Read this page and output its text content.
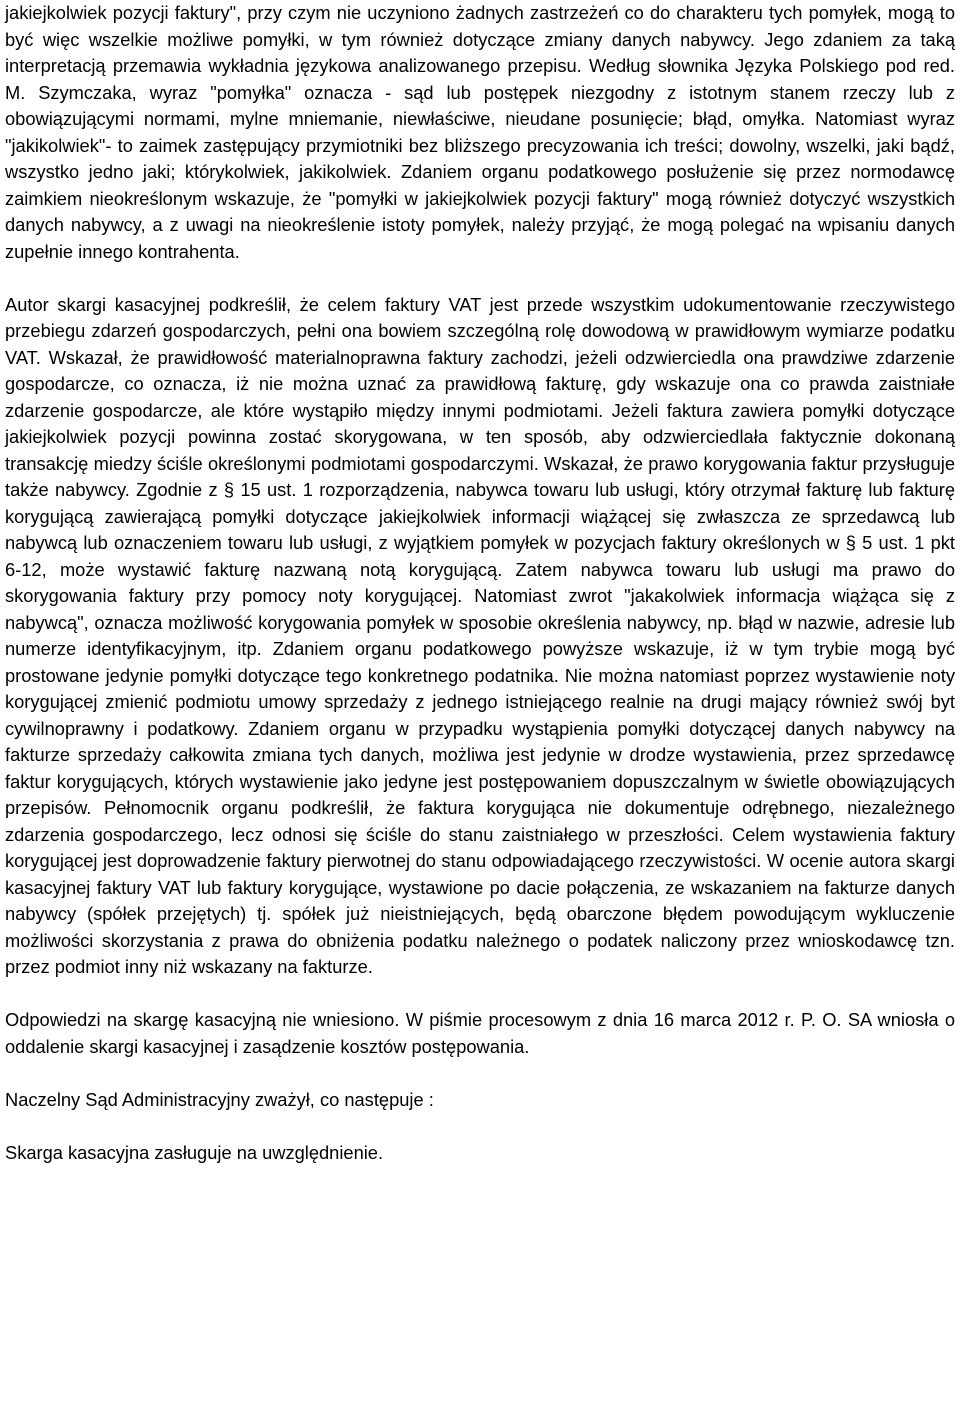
jakiejkolwiek pozycji faktury", przy czym nie uczyniono żadnych zastrzeżeń co do charakteru tych pomyłek, mogą to być więc wszelkie możliwe pomyłki, w tym również dotyczące zmiany danych nabywcy. Jego zdaniem za taką interpretacją przemawia wykładnia językowa analizowanego przepisu. Według słownika Języka Polskiego pod red. M. Szymczaka, wyraz "pomyłka" oznacza - sąd lub postępek niezgodny z istotnym stanem rzeczy lub z obowiązującymi normami, mylne mniemanie, niewłaściwe, nieudane posunięcie; błąd, omyłka. Natomiast wyraz "jakikolwiek"- to zaimek zastępujący przymiotniki bez bliższego precyzowania ich treści; dowolny, wszelki, jaki bądź, wszystko jedno jaki; którykolwiek, jakikolwiek. Zdaniem organu podatkowego posłużenie się przez normodawcę zaimkiem nieokreślonym wskazuje, że "pomyłki w jakiejkolwiek pozycji faktury" mogą również dotyczyć wszystkich danych nabywcy, a z uwagi na nieokreślenie istoty pomyłek, należy przyjąć, że mogą polegać na wpisaniu danych zupełnie innego kontrahenta.

Autor skargi kasacyjnej podkreślił, że celem faktury VAT jest przede wszystkim udokumentowanie rzeczywistego przebiegu zdarzeń gospodarczych, pełni ona bowiem szczególną rolę dowodową w prawidłowym wymiarze podatku VAT. Wskazał, że prawidłowość materialnoprawna faktury zachodzi, jeżeli odzwierciedla ona prawdziwe zdarzenie gospodarcze, co oznacza, iż nie można uznać za prawidłową fakturę, gdy wskazuje ona co prawda zaistniałe zdarzenie gospodarcze, ale które wystąpiło między innymi podmiotami. Jeżeli faktura zawiera pomyłki dotyczące jakiejkolwiek pozycji powinna zostać skorygowana, w ten sposób, aby odzwierciedlała faktycznie dokonaną transakcję miedzy ściśle określonymi podmiotami gospodarczymi. Wskazał, że prawo korygowania faktur przysługuje także nabywcy. Zgodnie z § 15 ust. 1 rozporządzenia, nabywca towaru lub usługi, który otrzymał fakturę lub fakturę korygującą zawierającą pomyłki dotyczące jakiejkolwiek informacji wiążącej się zwłaszcza ze sprzedawcą lub nabywcą lub oznaczeniem towaru lub usługi, z wyjątkiem pomyłek w pozycjach faktury określonych w § 5 ust. 1 pkt 6-12, może wystawić fakturę nazwaną notą korygującą. Zatem nabywca towaru lub usługi ma prawo do skorygowania faktury przy pomocy noty korygującej. Natomiast zwrot "jakakolwiek informacja wiążąca się z nabywcą", oznacza możliwość korygowania pomyłek w sposobie określenia nabywcy, np. błąd w nazwie, adresie lub numerze identyfikacyjnym, itp. Zdaniem organu podatkowego powyższe wskazuje, iż w tym trybie mogą być prostowane jedynie pomyłki dotyczące tego konkretnego podatnika. Nie można natomiast poprzez wystawienie noty korygującej zmienić podmiotu umowy sprzedaży z jednego istniejącego realnie na drugi mający również swój byt cywilnoprawny i podatkowy. Zdaniem organu w przypadku wystąpienia pomyłki dotyczącej danych nabywcy na fakturze sprzedaży całkowita zmiana tych danych, możliwa jest jedynie w drodze wystawienia, przez sprzedawcę faktur korygujących, których wystawienie jako jedyne jest postępowaniem dopuszczalnym w świetle obowiązujących przepisów. Pełnomocnik organu podkreślił, że faktura korygująca nie dokumentuje odrębnego, niezależnego zdarzenia gospodarczego, lecz odnosi się ściśle do stanu zaistniałego w przeszłości. Celem wystawienia faktury korygującej jest doprowadzenie faktury pierwotnej do stanu odpowiadającego rzeczywistości. W ocenie autora skargi kasacyjnej faktury VAT lub faktury korygujące, wystawione po dacie połączenia, ze wskazaniem na fakturze danych nabywcy (spółek przejętych) tj. spółek już nieistniejących, będą obarczone błędem powodującym wykluczenie możliwości skorzystania z prawa do obniżenia podatku należnego o podatek naliczony przez wnioskodawcę tzn. przez podmiot inny niż wskazany na fakturze.

Odpowiedzi na skargę kasacyjną nie wniesiono. W piśmie procesowym z dnia 16 marca 2012 r. P. O. SA wniosła o oddalenie skargi kasacyjnej i zasądzenie kosztów postępowania.

Naczelny Sąd Administracyjny zważył, co następuje :

Skarga kasacyjna zasługuje na uwzględnienie.
